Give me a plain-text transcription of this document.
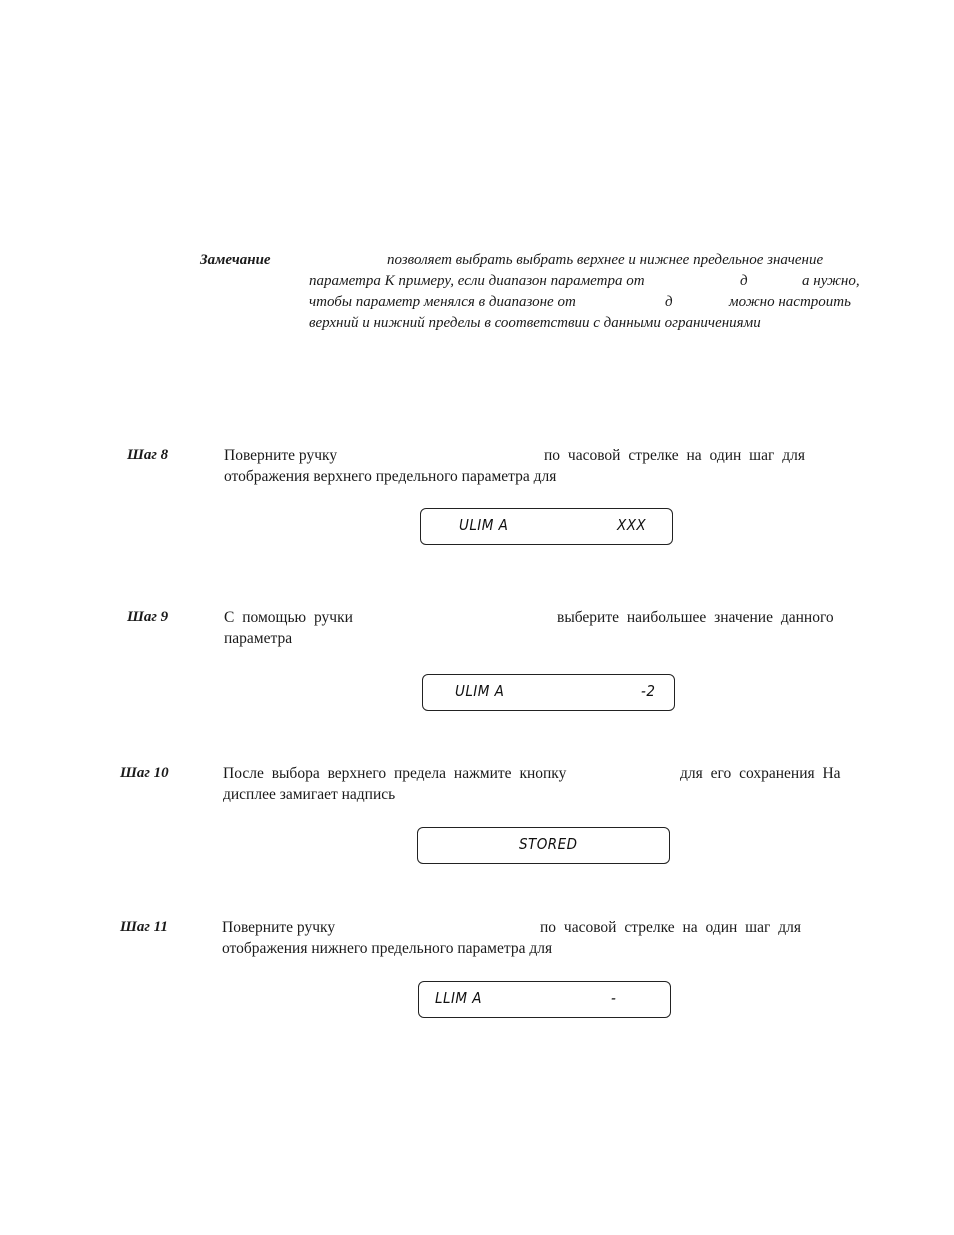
Замечание	позволяет выбрать выбрать верхнее и нижнее предельное значение
параметра К примеру, если диапазон параметра от	д	а нужно,
чтобы параметр менялся в диапазоне от	д	можно настроить
верхний и нижний пределы в соответствии с данными ограничениями
Шаг 8	Поверните ручку	по часовой стрелке на один шаг для
отображения верхнего предельного параметра для
ULIM A	XXX
Шаг 9	С помощью ручки	выберите наибольшее значение данного
параметра
ULIM A	-2
Шаг 10	После выбора верхнего предела нажмите кнопку	для его сохранения На
дисплее замигает надпись
STORED
Шаг 11	Поверните ручку	по часовой стрелке на один шаг для
отображения нижнего предельного параметра для
LLIM A	-
